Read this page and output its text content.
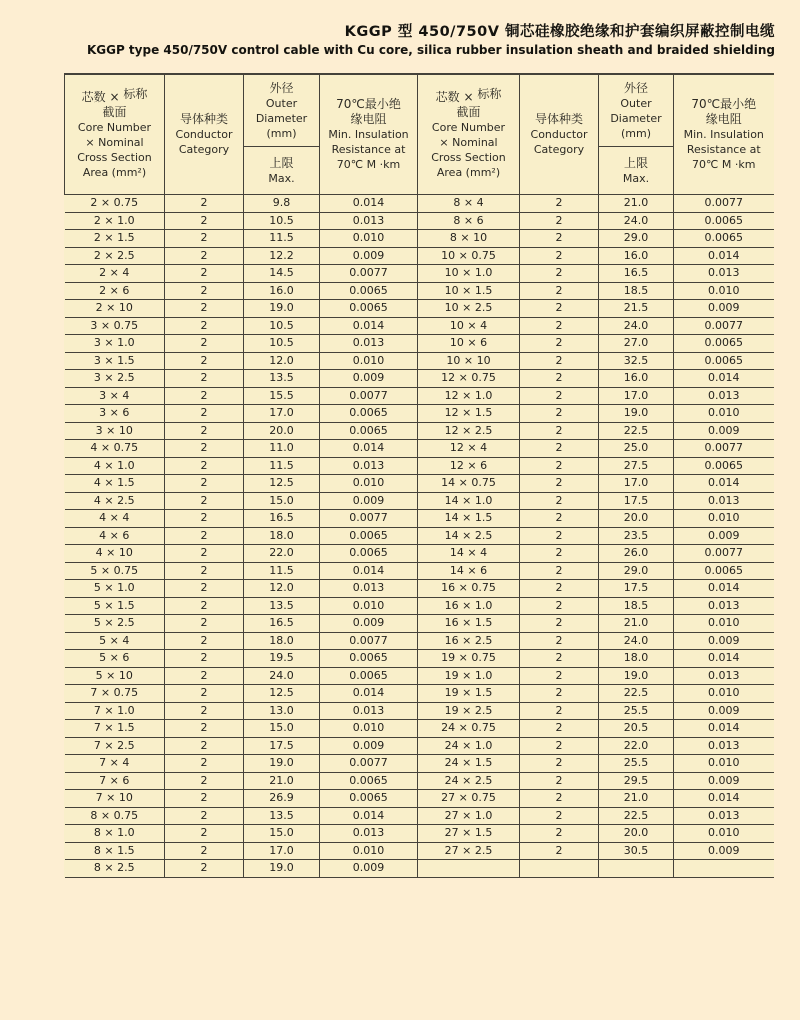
KGGP 型 450/750V 铜芯硅橡胶绝缘和护套编织屏蔽控制电缆
KGGP type 450/750V control cable with Cu core, silica rubber insulation sheath and braided shielding
芯数 × 标称
截面
Core Number
× Nominal
Cross Section
Area (mm²)

导体种类
Conductor
Category

外径
Outer
Diameter
(mm)
上限
Max.

70℃最小绝
缘电阻
Min. Insulation
Resistance at
70℃ M ·km

芯数 × 标称
截面
Core Number
× Nominal
Cross Section
Area (mm²)

导体种类
Conductor
Category

外径
Outer
Diameter
(mm)
上限
Max.

70℃最小绝
缘电阻
Min. Insulation
Resistance at
70℃ M ·km

2 × 0.75	2	9.8	0.014	8 × 4	2	21.0	0.0077
2 × 1.0	2	10.5	0.013	8 × 6	2	24.0	0.0065
2 × 1.5	2	11.5	0.010	8 × 10	2	29.0	0.0065
2 × 2.5	2	12.2	0.009	10 × 0.75	2	16.0	0.014
2 × 4	2	14.5	0.0077	10 × 1.0	2	16.5	0.013
2 × 6	2	16.0	0.0065	10 × 1.5	2	18.5	0.010
2 × 10	2	19.0	0.0065	10 × 2.5	2	21.5	0.009
3 × 0.75	2	10.5	0.014	10 × 4	2	24.0	0.0077
3 × 1.0	2	10.5	0.013	10 × 6	2	27.0	0.0065
3 × 1.5	2	12.0	0.010	10 × 10	2	32.5	0.0065
3 × 2.5	2	13.5	0.009	12 × 0.75	2	16.0	0.014
3 × 4	2	15.5	0.0077	12 × 1.0	2	17.0	0.013
3 × 6	2	17.0	0.0065	12 × 1.5	2	19.0	0.010
3 × 10	2	20.0	0.0065	12 × 2.5	2	22.5	0.009
4 × 0.75	2	11.0	0.014	12 × 4	2	25.0	0.0077
4 × 1.0	2	11.5	0.013	12 × 6	2	27.5	0.0065
4 × 1.5	2	12.5	0.010	14 × 0.75	2	17.0	0.014
4 × 2.5	2	15.0	0.009	14 × 1.0	2	17.5	0.013
4 × 4	2	16.5	0.0077	14 × 1.5	2	20.0	0.010
4 × 6	2	18.0	0.0065	14 × 2.5	2	23.5	0.009
4 × 10	2	22.0	0.0065	14 × 4	2	26.0	0.0077
5 × 0.75	2	11.5	0.014	14 × 6	2	29.0	0.0065
5 × 1.0	2	12.0	0.013	16 × 0.75	2	17.5	0.014
5 × 1.5	2	13.5	0.010	16 × 1.0	2	18.5	0.013
5 × 2.5	2	16.5	0.009	16 × 1.5	2	21.0	0.010
5 × 4	2	18.0	0.0077	16 × 2.5	2	24.0	0.009
5 × 6	2	19.5	0.0065	19 × 0.75	2	18.0	0.014
5 × 10	2	24.0	0.0065	19 × 1.0	2	19.0	0.013
7 × 0.75	2	12.5	0.014	19 × 1.5	2	22.5	0.010
7 × 1.0	2	13.0	0.013	19 × 2.5	2	25.5	0.009
7 × 1.5	2	15.0	0.010	24 × 0.75	2	20.5	0.014
7 × 2.5	2	17.5	0.009	24 × 1.0	2	22.0	0.013
7 × 4	2	19.0	0.0077	24 × 1.5	2	25.5	0.010
7 × 6	2	21.0	0.0065	24 × 2.5	2	29.5	0.009
7 × 10	2	26.9	0.0065	27 × 0.75	2	21.0	0.014
8 × 0.75	2	13.5	0.014	27 × 1.0	2	22.5	0.013
8 × 1.0	2	15.0	0.013	27 × 1.5	2	20.0	0.010
8 × 1.5	2	17.0	0.010	27 × 2.5	2	30.5	0.009
8 × 2.5	2	19.0	0.009				
